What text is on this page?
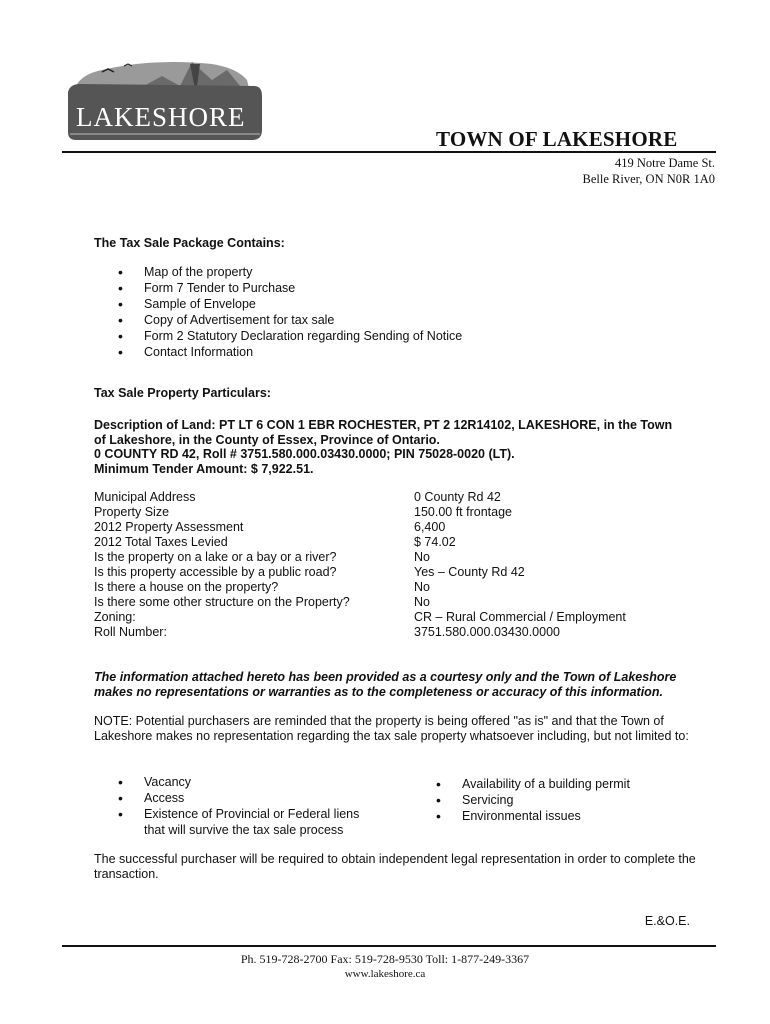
LAKESHORE
TOWN OF LAKESHORE
419 Notre Dame St.
Belle River, ON N0R 1A0
The Tax Sale Package Contains:
• Map of the property
• Form 7 Tender to Purchase
• Sample of Envelope
• Copy of Advertisement for tax sale
• Form 2 Statutory Declaration regarding Sending of Notice
• Contact Information
Tax Sale Property Particulars:
Description of Land: PT LT 6 CON 1 EBR ROCHESTER, PT 2 12R14102, LAKESHORE, in the Town
of Lakeshore, in the County of Essex, Province of Ontario.
0 COUNTY RD 42, Roll # 3751.580.000.03430.0000; PIN 75028-0020 (LT).
Minimum Tender Amount: $ 7,922.51.
Municipal Address	0 County Rd 42
Property Size	150.00 ft frontage
2012 Property Assessment	6,400
2012 Total Taxes Levied	$ 74.02
Is the property on a lake or a bay or a river?	No
Is this property accessible by a public road?	Yes – County Rd 42
Is there a house on the property?	No
Is there some other structure on the Property?	No
Zoning:	CR – Rural Commercial / Employment
Roll Number:	3751.580.000.03430.0000
The information attached hereto has been provided as a courtesy only and the Town of Lakeshore
makes no representations or warranties as to the completeness or accuracy of this information.
NOTE: Potential purchasers are reminded that the property is being offered "as is" and that the Town of Lakeshore makes no representation regarding the tax sale property whatsoever including, but not limited to:
• Vacancy
• Access
• Existence of Provincial or Federal liens
that will survive the tax sale process
• Availability of a building permit
• Servicing
• Environmental issues
The successful purchaser will be required to obtain independent legal representation in order to complete the transaction.
E.&O.E.
Ph. 519-728-2700 Fax: 519-728-9530 Toll: 1-877-249-3367
www.lakeshore.ca
